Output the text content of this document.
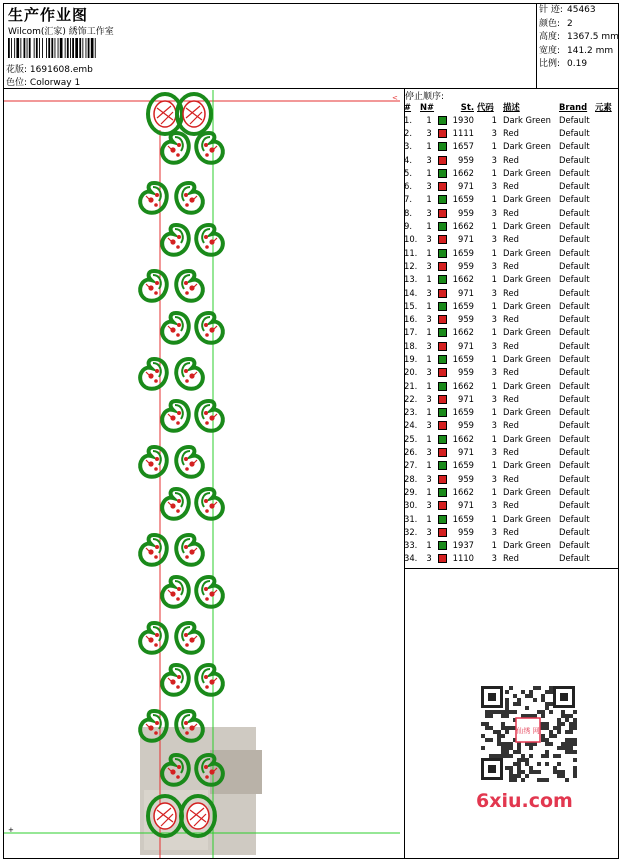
生产作业图
Wilcom(汇家) 綉饰工作室
花版: 1691608.emb
色位: Colorway 1
针 迹: 45463
颜色: 2
高度: 1367.5 mm
宽度: 141.2 mm
比例: 0.19
<
+
停止顺序:
#	N#		St.	代码	描述	Brand	元素
1.	1		1930	1	Dark Green	Default	
2.	3		1111	3	Red	Default	
3.	1		1657	1	Dark Green	Default	
4.	3		959	3	Red	Default	
5.	1		1662	1	Dark Green	Default	
6.	3		971	3	Red	Default	
7.	1		1659	1	Dark Green	Default	
8.	3		959	3	Red	Default	
9.	1		1662	1	Dark Green	Default	
10.	3		971	3	Red	Default	
11.	1		1659	1	Dark Green	Default	
12.	3		959	3	Red	Default	
13.	1		1662	1	Dark Green	Default	
14.	3		971	3	Red	Default	
15.	1		1659	1	Dark Green	Default	
16.	3		959	3	Red	Default	
17.	1		1662	1	Dark Green	Default	
18.	3		971	3	Red	Default	
19.	1		1659	1	Dark Green	Default	
20.	3		959	3	Red	Default	
21.	1		1662	1	Dark Green	Default	
22.	3		971	3	Red	Default	
23.	1		1659	1	Dark Green	Default	
24.	3		959	3	Red	Default	
25.	1		1662	1	Dark Green	Default	
26.	3		971	3	Red	Default	
27.	1		1659	1	Dark Green	Default	
28.	3		959	3	Red	Default	
29.	1		1662	1	Dark Green	Default	
30.	3		971	3	Red	Default	
31.	1		1659	1	Dark Green	Default	
32.	3		959	3	Red	Default	
33.	1		1937	1	Dark Green	Default	
34.	3		1110	3	Red	Default	
仙绣 网
6xiu.com
